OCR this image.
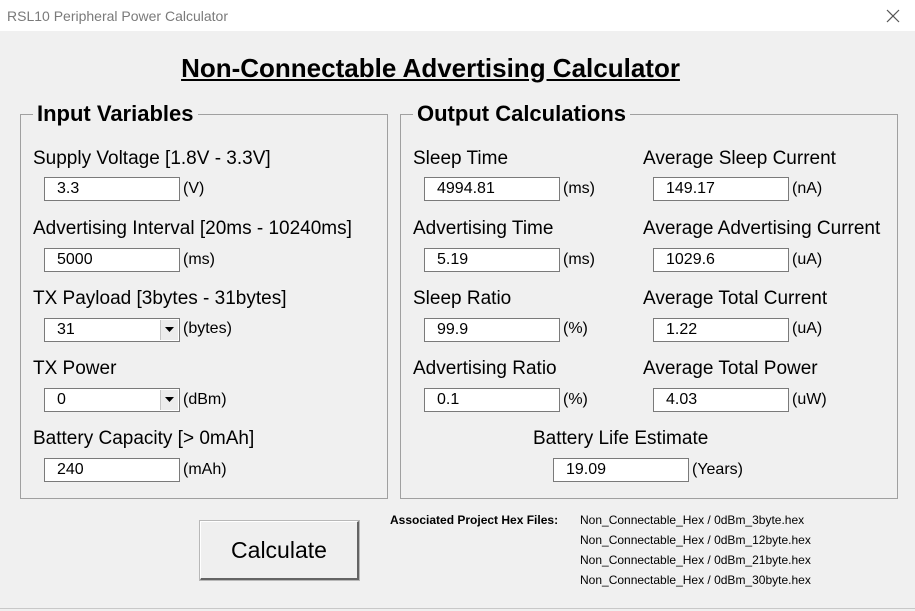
RSL10 Peripheral Power Calculator
Non-Connectable Advertising Calculator
Input Variables
Supply Voltage [1.8V - 3.3V]
3.3	(V)
Advertising Interval [20ms - 10240ms]
5000	(ms)
TX Payload [3bytes - 31bytes]
31	(bytes)
TX Power
0	(dBm)
Battery Capacity [> 0mAh]
240	(mAh)
Output Calculations
Sleep Time
4994.81	(ms)
Advertising Time
5.19	(ms)
Sleep Ratio
99.9	(%)
Advertising Ratio
0.1	(%)
Average Sleep Current
149.17	(nA)
Average Advertising Current
1029.6	(uA)
Average Total Current
1.22	(uA)
Average Total Power
4.03	(uW)
Battery Life Estimate
19.09	(Years)
Calculate
Associated Project Hex Files: Non_Connectable_Hex / 0dBm_3byte.hex
Non_Connectable_Hex / 0dBm_12byte.hex
Non_Connectable_Hex / 0dBm_21byte.hex
Non_Connectable_Hex / 0dBm_30byte.hex
